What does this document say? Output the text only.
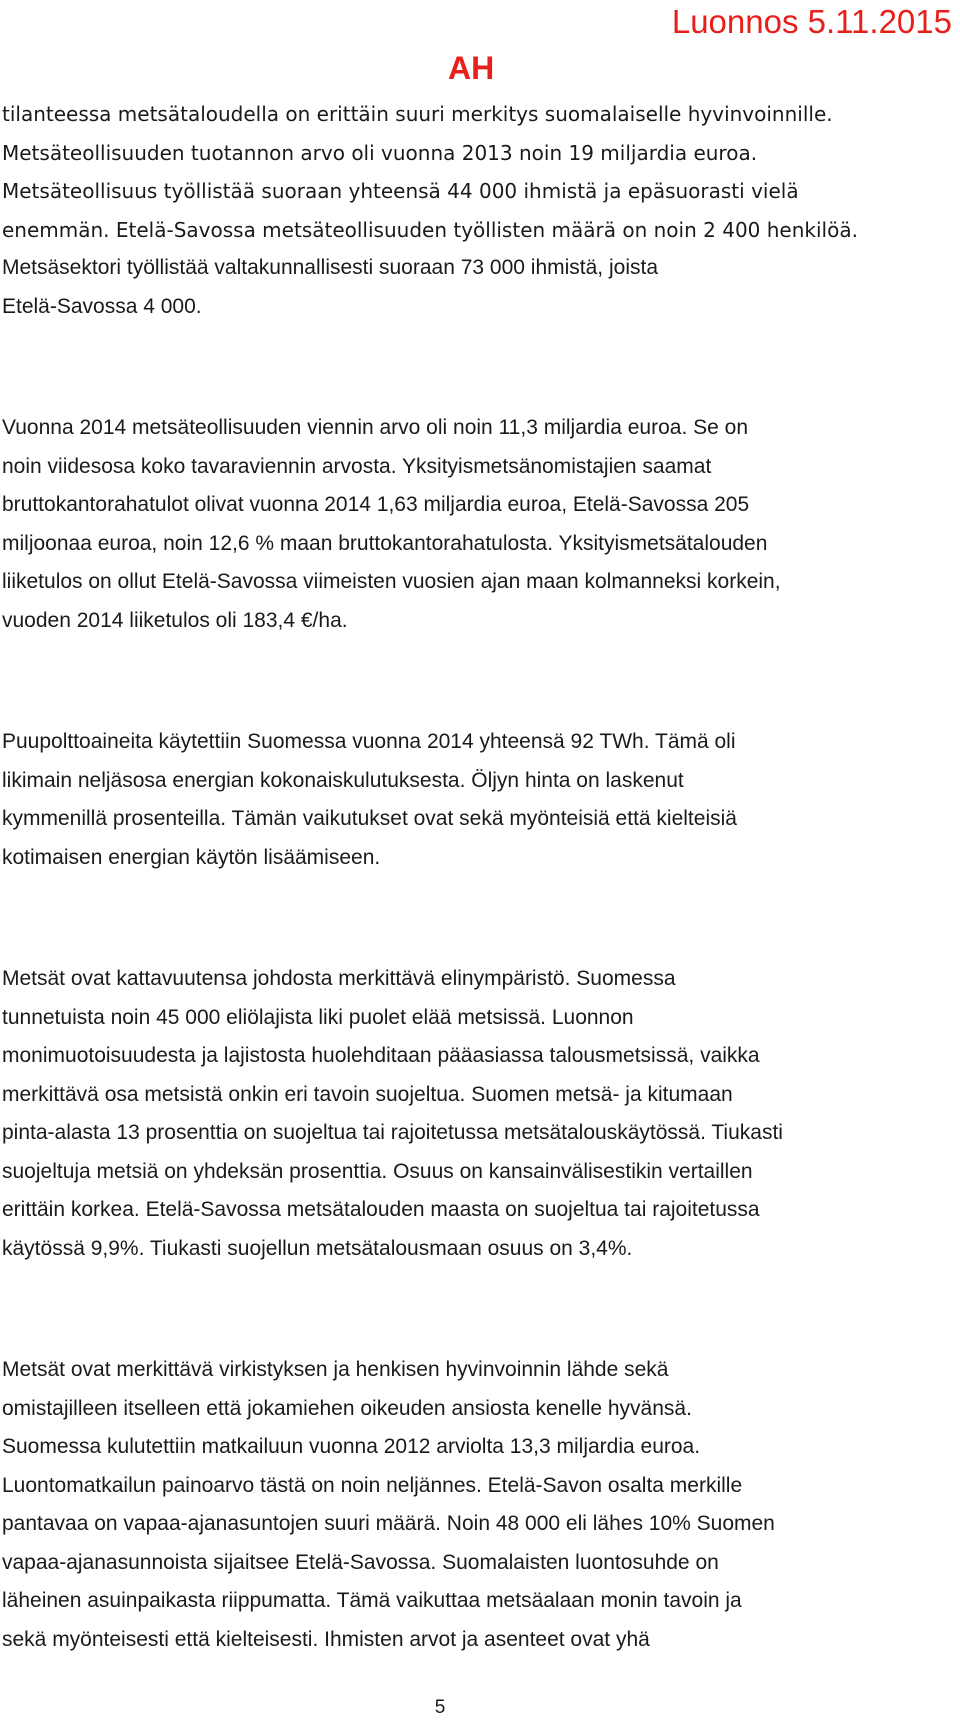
Luonnos 5.11.2015
AH

tilanteessa metsätaloudella on erittäin suuri merkitys suomalaiselle hyvinvoinnille.
Metsäteollisuuden tuotannon arvo oli vuonna 2013 noin 19 miljardia euroa.
Metsäteollisuus työllistää suoraan yhteensä 44 000 ihmistä ja epäsuorasti vielä
enemmän. Etelä-Savossa metsäteollisuuden työllisten määrä on noin 2 400 henkilöä.
Metsäsektori työllistää valtakunnallisesti suoraan 73 000 ihmistä, joista
Etelä-Savossa 4 000.

Vuonna 2014 metsäteollisuuden viennin arvo oli noin 11,3 miljardia euroa. Se on
noin viidesosa koko tavaraviennin arvosta. Yksityismetsänomistajien saamat
bruttokantorahatulot olivat vuonna 2014 1,63 miljardia euroa, Etelä-Savossa 205
miljoonaa euroa, noin 12,6 % maan bruttokantorahatulosta. Yksityismetsätalouden
liiketulos on ollut Etelä-Savossa viimeisten vuosien ajan maan kolmanneksi korkein,
vuoden 2014 liiketulos oli 183,4 €/ha.

Puupolttoaineita käytettiin Suomessa vuonna 2014 yhteensä 92 TWh. Tämä oli
likimain neljäsosa energian kokonaiskulutuksesta. Öljyn hinta on laskenut
kymmenillä prosenteilla. Tämän vaikutukset ovat sekä myönteisiä että kielteisiä
kotimaisen energian käytön lisäämiseen.

Metsät ovat kattavuutensa johdosta merkittävä elinympäristö. Suomessa
tunnetuista noin 45 000 eliölajista liki puolet elää metsissä. Luonnon
monimuotoisuudesta ja lajistosta huolehditaan pääasiassa talousmetsissä, vaikka
merkittävä osa metsistä onkin eri tavoin suojeltua. Suomen metsä- ja kitumaan
pinta-alasta 13 prosenttia on suojeltua tai rajoitetussa metsätalouskäytössä. Tiukasti
suojeltuja metsiä on yhdeksän prosenttia. Osuus on kansainvälisestikin vertaillen
erittäin korkea. Etelä-Savossa metsätalouden maasta on suojeltua tai rajoitetussa
käytössä 9,9%. Tiukasti suojellun metsätalousmaan osuus on 3,4%.

Metsät ovat merkittävä virkistyksen ja henkisen hyvinvoinnin lähde sekä
omistajilleen itselleen että jokamiehen oikeuden ansiosta kenelle hyvänsä.
Suomessa kulutettiin matkailuun vuonna 2012 arviolta 13,3 miljardia euroa.
Luontomatkailun painoarvo tästä on noin neljännes. Etelä-Savon osalta merkille
pantavaa on vapaa-ajanasuntojen suuri määrä. Noin 48 000 eli lähes 10% Suomen
vapaa-ajanasunnoista sijaitsee Etelä-Savossa. Suomalaisten luontosuhde on
läheinen asuinpaikasta riippumatta. Tämä vaikuttaa metsäalaan monin tavoin ja
sekä myönteisesti että kielteisesti. Ihmisten arvot ja asenteet ovat yhä

5
